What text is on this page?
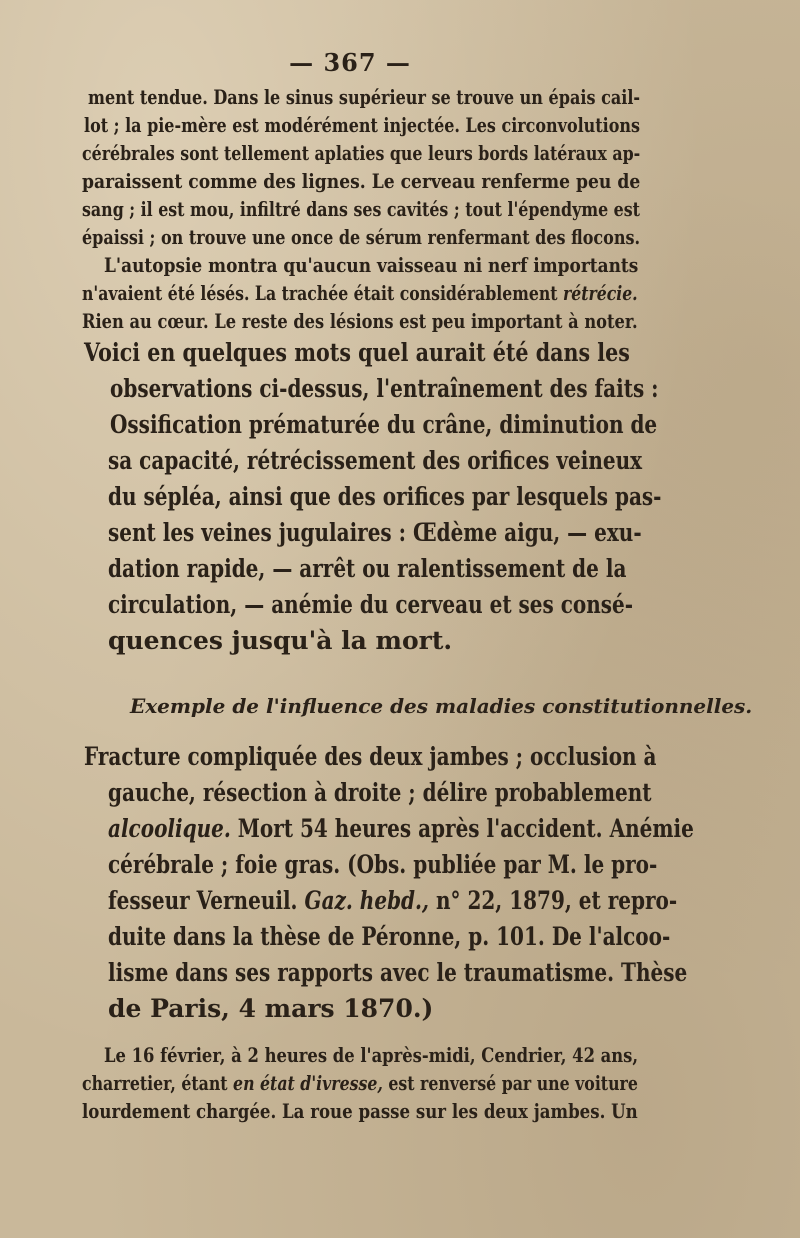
— 367 —
ment tendue. Dans le sinus supérieur se trouve un épais cail-
lot ; la pie-mère est modérément injectée. Les circonvolutions
cérébrales sont tellement aplaties que leurs bords latéraux ap-
paraissent comme des lignes. Le cerveau renferme peu de
sang ; il est mou, infiltré dans ses cavités ; tout l'épendyme est
épaissi ; on trouve une once de sérum renfermant des flocons.
L'autopsie montra qu'aucun vaisseau ni nerf importants
n'avaient été lésés. La trachée était considérablement rétrécie.
Rien au cœur. Le reste des lésions est peu important à noter.
Voici en quelques mots quel aurait été dans les
observations ci-dessus, l'entraînement des faits :
Ossification prématurée du crâne, diminution de
sa capacité, rétrécissement des orifices veineux
du sépléa, ainsi que des orifices par lesquels pas-
sent les veines jugulaires : Œdème aigu, — exu-
dation rapide, — arrêt ou ralentissement de la
circulation, — anémie du cerveau et ses consé-
quences jusqu'à la mort.
Exemple de l'influence des maladies constitutionnelles.
Fracture compliquée des deux jambes ; occlusion à
gauche, résection à droite ; délire probablement
alcoolique. Mort 54 heures après l'accident. Anémie
cérébrale ; foie gras. (Obs. publiée par M. le pro-
fesseur Verneuil. Gaz. hebd., n° 22, 1879, et repro-
duite dans la thèse de Péronne, p. 101. De l'alcoo-
lisme dans ses rapports avec le traumatisme. Thèse
de Paris, 4 mars 1870.)
Le 16 février, à 2 heures de l'après-midi, Cendrier, 42 ans,
charretier, étant en état d'ivresse, est renversé par une voiture
lourdement chargée. La roue passe sur les deux jambes. Un
